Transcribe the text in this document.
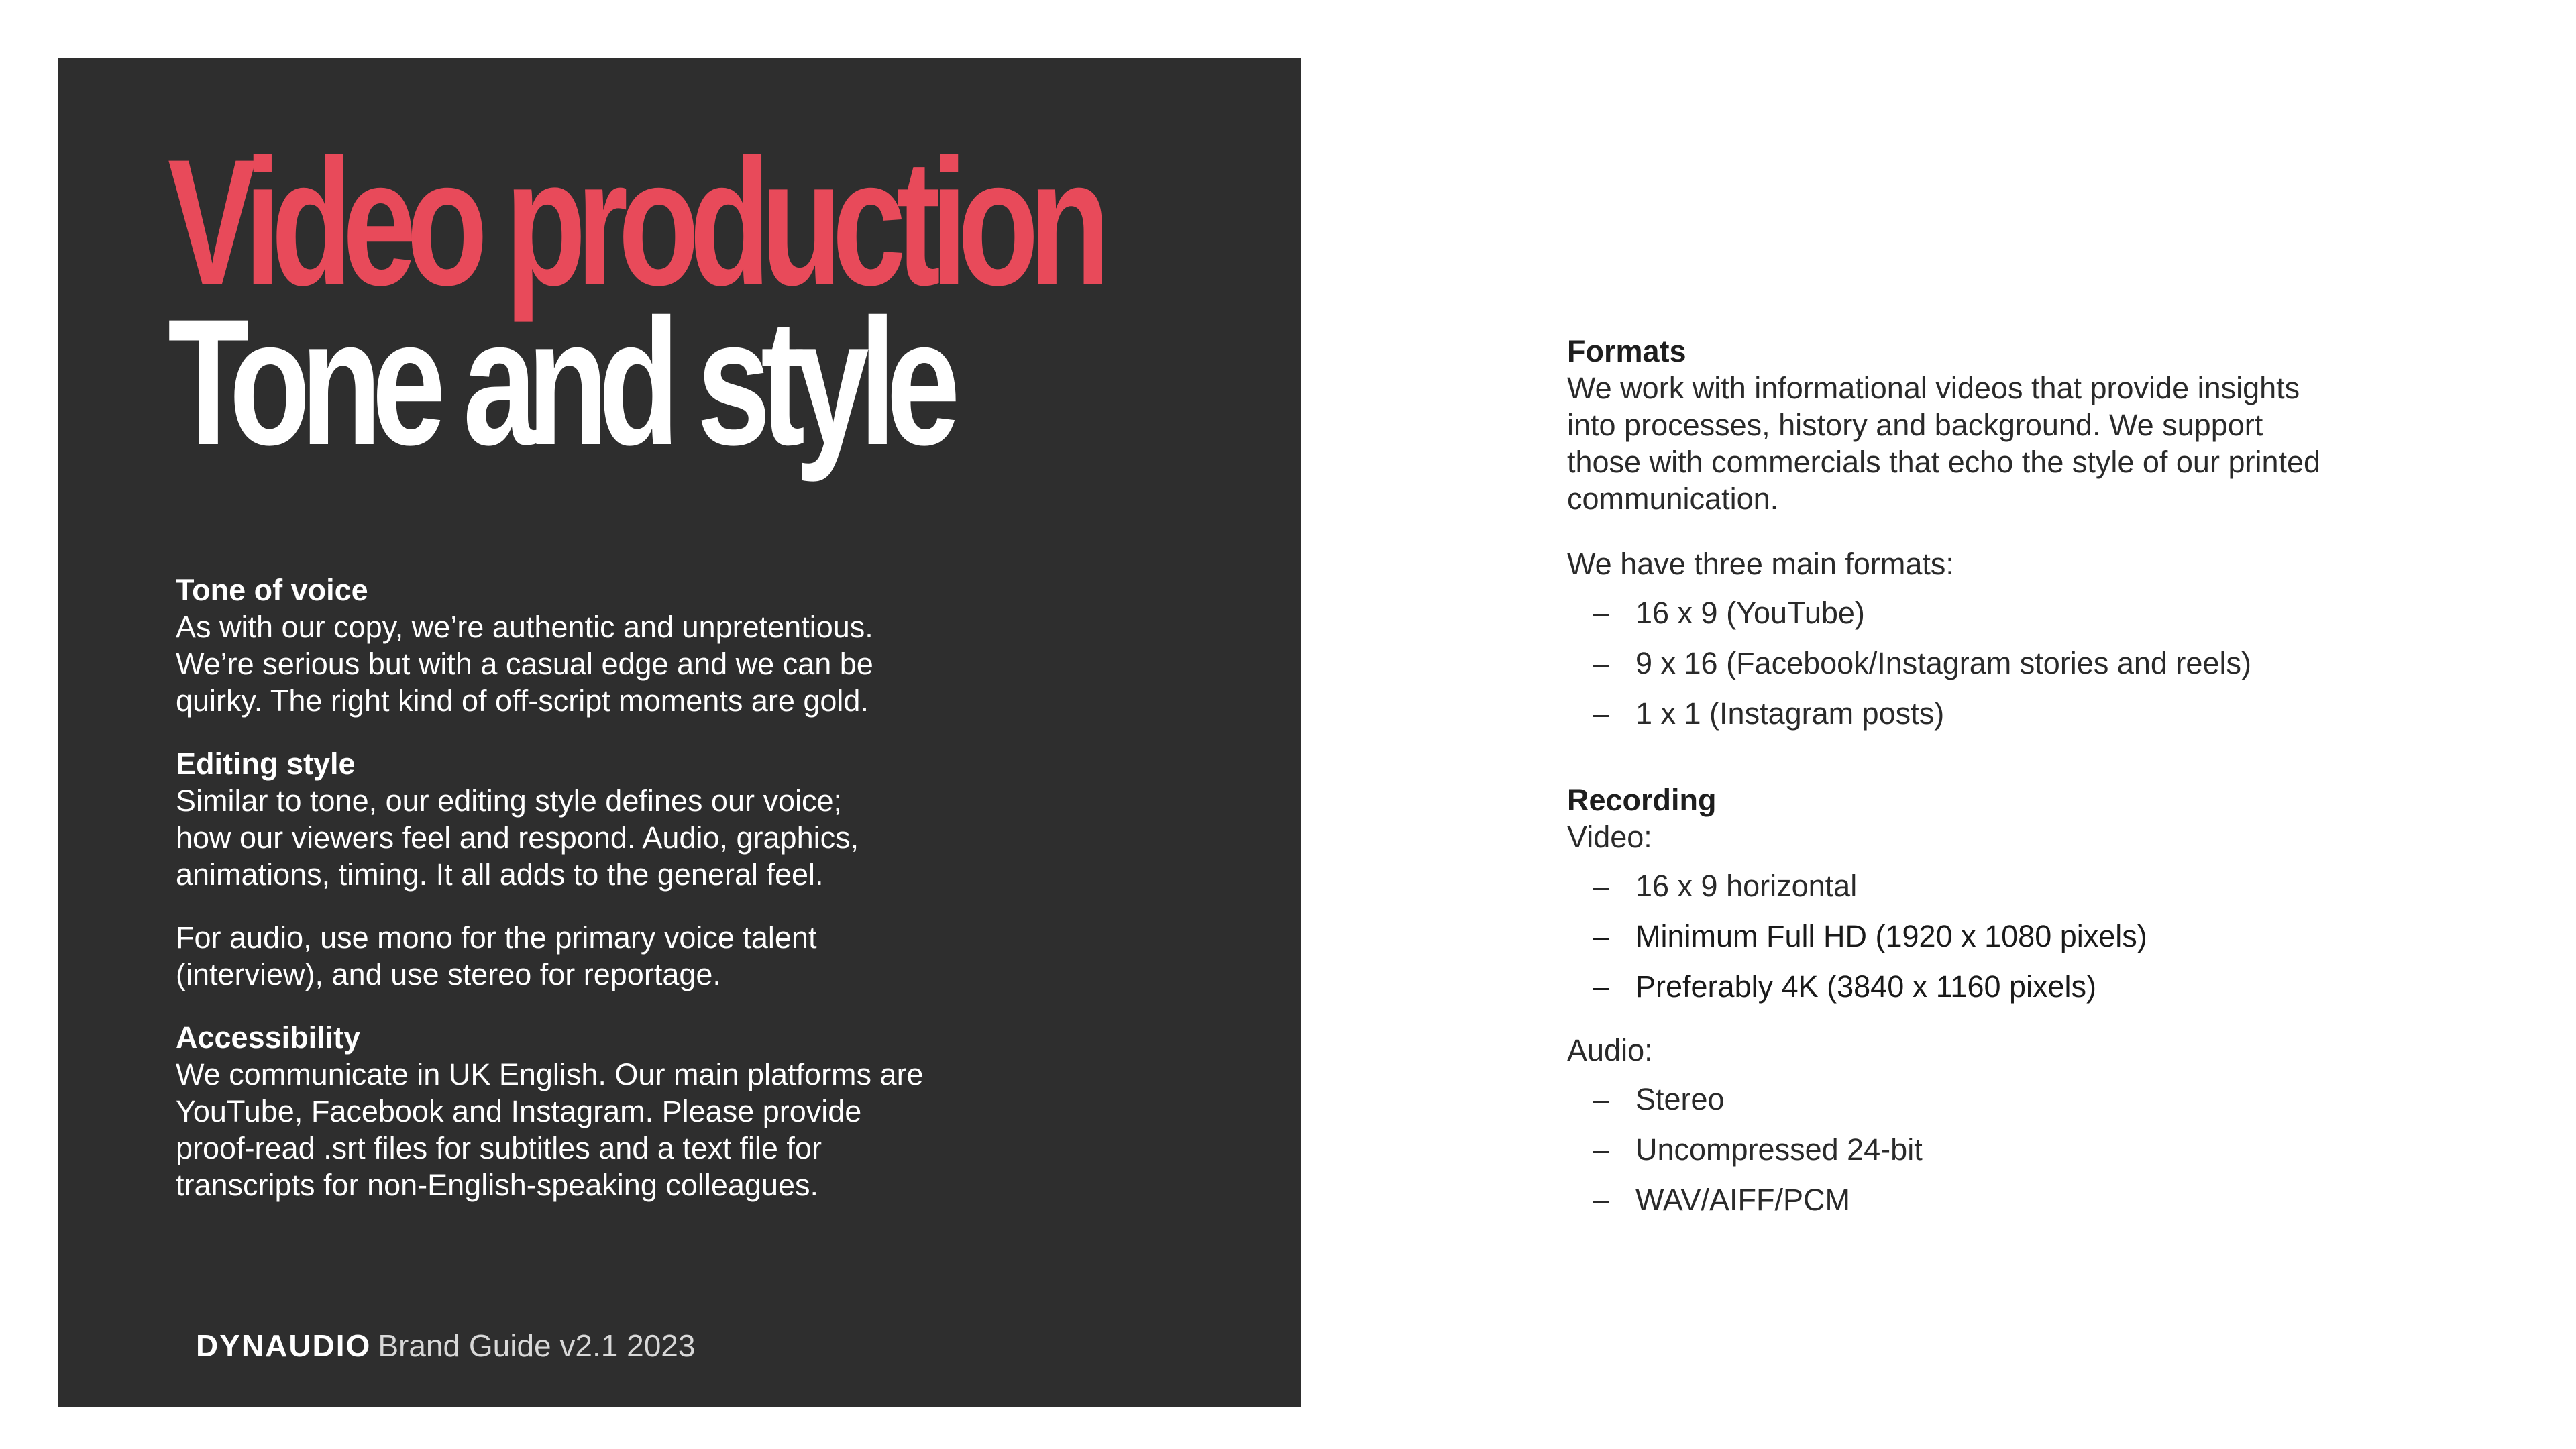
Video production
Tone and style
Tone of voice

As with our copy, we’re authentic and unpretentious.

We’re serious but with a casual edge and we can be

quirky. The right kind of off-script moments are gold.

Editing style

Similar to tone, our editing style defines our voice;

how our viewers feel and respond. Audio, graphics,

animations, timing. It all adds to the general feel.

For audio, use mono for the primary voice talent

(interview), and use stereo for reportage.

Accessibility

We communicate in UK English. Our main platforms are

YouTube, Facebook and Instagram. Please provide

proof-read .srt files for subtitles and a text file for

transcripts for non-English-speaking colleagues.

DYNAUDIO Brand Guide v2.1 2023
Formats

We work with informational videos that provide insights

into processes, history and background. We support

those with commercials that echo the style of our printed

communication.

We have three main formats:

– 16 x 9 (YouTube)
– 9 x 16 (Facebook/Instagram stories and reels)
– 1 x 1 (Instagram posts)
Recording

Video:

– 16 x 9 horizontal
– Minimum Full HD (1920 x 1080 pixels)
– Preferably 4K (3840 x 1160 pixels)

Audio:

– Stereo
– Uncompressed 24-bit
– WAV/AIFF/PCM
